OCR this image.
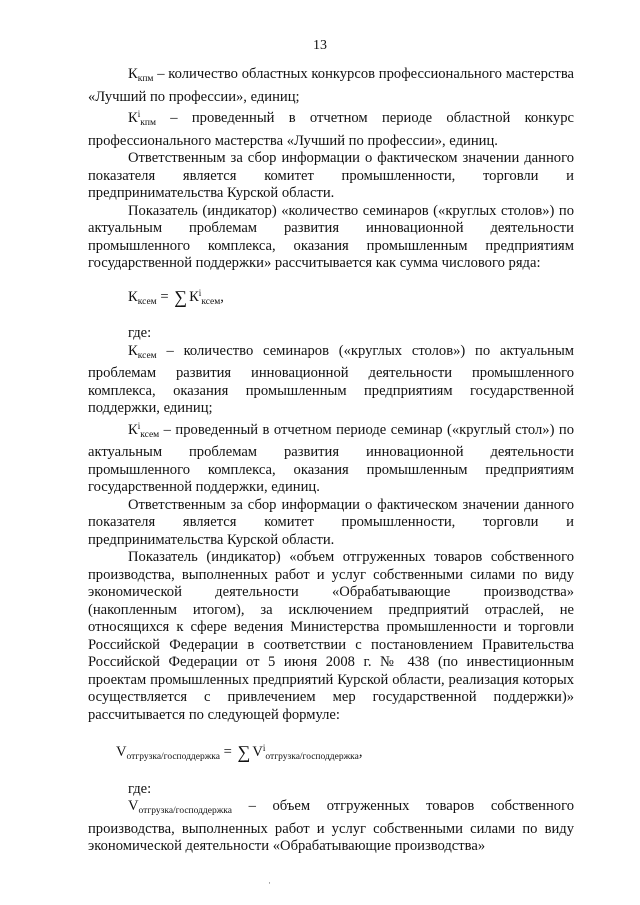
13

$К_{кпм}$ – количество областных конкурсов профессионального мастерства «Лучший по профессии», единиц;

$К^i_{кпм}$ – проведенный в отчетном периоде областной конкурс профессионального мастерства «Лучший по профессии», единиц.

Ответственным за сбор информации о фактическом значении данного показателя является комитет промышленности, торговли и предпринимательства Курской области.

Показатель (индикатор) «количество семинаров («круглых столов») по актуальным проблемам развития инновационной деятельности промышленного комплекса, оказания промышленным предприятиям государственной поддержки» рассчитывается как сумма числового ряда:

$К_{ксем}$ = ∑ $К^i_{ксем}$,

где:

$К_{ксем}$ – количество семинаров («круглых столов») по актуальным проблемам развития инновационной деятельности промышленного комплекса, оказания промышленным предприятиям государственной поддержки, единиц;

$К^i_{ксем}$ – проведенный в отчетном периоде семинар («круглый стол») по актуальным проблемам развития инновационной деятельности промышленного комплекса, оказания промышленным предприятиям государственной поддержки, единиц.

Ответственным за сбор информации о фактическом значении данного показателя является комитет промышленности, торговли и предпринимательства Курской области.

Показатель (индикатор) «объем отгруженных товаров собственного производства, выполненных работ и услуг собственными силами по виду экономической деятельности «Обрабатывающие производства» (накопленным итогом), за исключением предприятий отраслей, не относящихся к сфере ведения Министерства промышленности и торговли Российской Федерации в соответствии с постановлением Правительства Российской Федерации от 5 июня 2008 г. № 438 (по инвестиционным проектам промышленных предприятий Курской области, реализация которых осуществляется с привлечением мер государственной поддержки)» рассчитывается по следующей формуле:

$V_{отгрузка/господдержка}$ = ∑ $V^i_{отгрузка/господдержка}$,

где:

$V_{отгрузка/господдержка}$ – объем отгруженных товаров собственного производства, выполненных работ и услуг собственными силами по виду экономической деятельности «Обрабатывающие производства»

·
